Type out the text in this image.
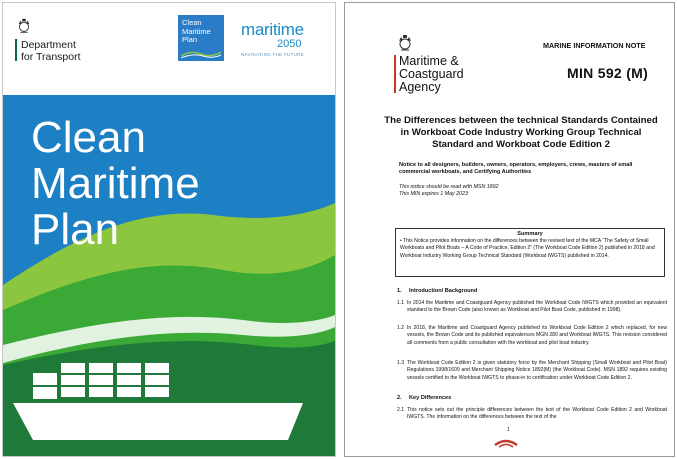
Department
for Transport
Clean
Maritime
Plan
maritime
2050
NAVIGATING THE FUTURE
Clean
Maritime
Plan
Maritime &
Coastguard
Agency
MARINE INFORMATION NOTE
MIN 592 (M)
The Differences between the technical Standards Contained in Workboat Code Industry Working Group Technical Standard and Workboat Code Edition 2
Notice to all designers, builders, owners, operators, employers, crews, masters of small commercial workboats, and Certifying Authorities
This notice should be read with MSN 1892
This MIN expires 1 May 2023
Summary
• This Notice provides information on the differences between the revised text of the MCA “The Safety of Small Workboats and Pilot Boats – A Code of Practice, Edition 2” (The Workboat Code Edition 2) published in 2018 and Workboat Industry Working Group Technical Standard (Workboat IWGTS) published in 2014.
1. Introduction/ Background
1.1 In 2014 the Maritime and Coastguard Agency published the Workboat Code IWGTS which provided an equivalent standard to the Brown Code (also known as Workboat and Pilot Boat Code, published in 1998).
1.2 In 2018, the Maritime and Coastguard Agency published its Workboat Code Edition 2 which replaced, for new vessels, the Brown Code and its published equivalences MGN 280 and Workboat IWGTS. This revision considered all comments from a public consultation with the workboat and pilot boat industry.
1.3 The Workboat Code Edition 2 is given statutory force by the Merchant Shipping (Small Workboat and Pilot Boat) Regulations 1998/1609 and Merchant Shipping Notice 1892(M) (the Workboat Code). MSN 1892 requires existing vessels certified to the Workboat IWGTS to phase-in to certification under Workboat Code Edition 2.
2. Key Differences
2.1 This notice sets out the principle differences between the text of the Workboat Code Edition 2 and Workboat IWGTS. The information on the differences between the text of the
1
